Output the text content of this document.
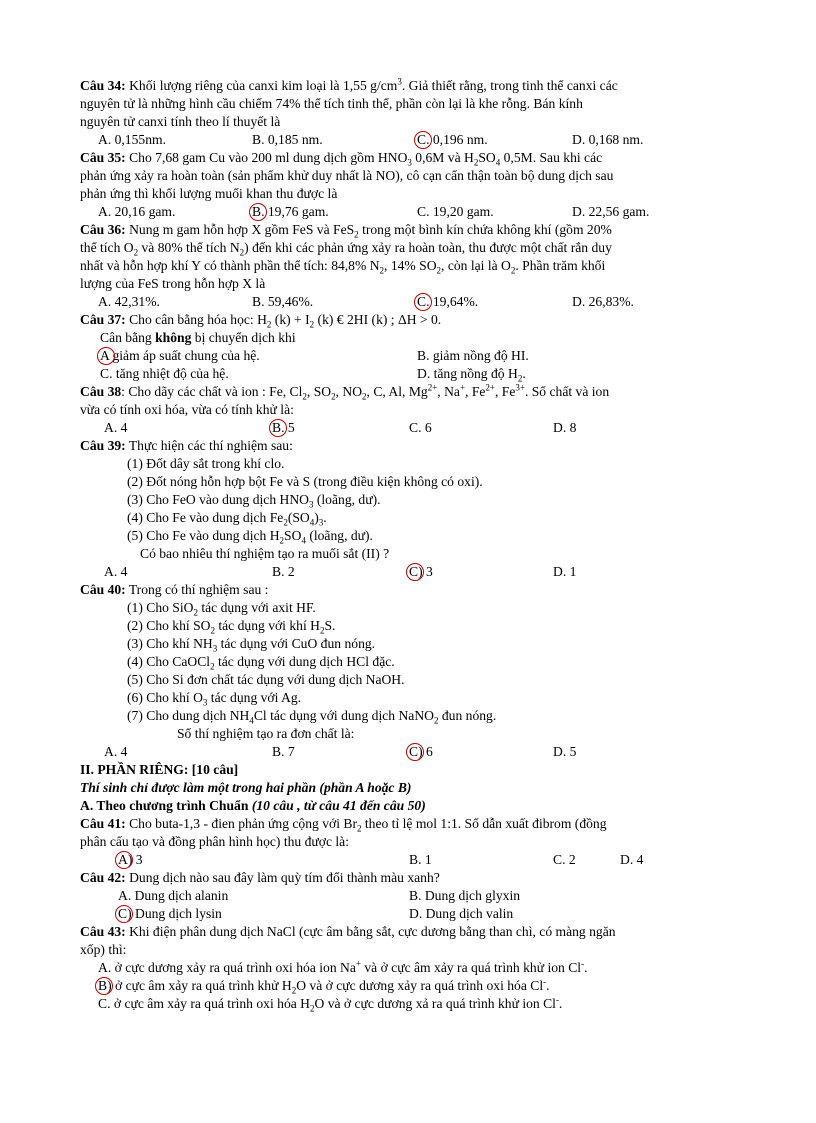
Câu 34: Khối lượng riêng của canxi kim loại là 1,55 $g/cm^3$. Giả thiết rằng, trong tinh thể canxi các
nguyên tử là những hình cầu chiếm 74% thể tích tinh thể, phần còn lại là khe rỗng. Bán kính
nguyên tử canxi tính theo lí thuyết là
A. 0,155nm.	B. 0,185 nm.	C. 0,196 nm.	D. 0,168 nm.
Câu 35: Cho 7,68 gam Cu vào 200 ml dung dịch gồm $HNO_3$ 0,6M và $H_2SO_4$ 0,5M. Sau khi các
phản ứng xảy ra hoàn toàn (sản phẩm khử duy nhất là NO), cô cạn cẩn thận toàn bộ dung dịch sau
phản ứng thì khối lượng muối khan thu được là
A. 20,16 gam.	B. 19,76 gam.	C. 19,20 gam.	D. 22,56 gam.
Câu 36: Nung m gam hỗn hợp X gồm FeS và FeS$_2$ trong một bình kín chứa không khí (gồm 20%
thể tích $O_2$ và 80% thể tích $N_2$) đến khi các phản ứng xảy ra hoàn toàn, thu được một chất rắn duy
nhất và hỗn hợp khí Y có thành phần thể tích: 84,8% $N_2$, 14% $SO_2$, còn lại là $O_2$. Phần trăm khối
lượng của FeS trong hỗn hợp X là
A. 42,31%.	B. 59,46%.	C. 19,64%.	D. 26,83%.
Câu 37: Cho cân bằng hóa học: $H_2$ $(k) + I_2$ (k) € 2HI (k) ; ΔH > 0.
Cân bằng không bị chuyển dịch khi
A giảm áp suất chung của hệ.	B. giảm nồng độ HI.
C. tăng nhiệt độ của hệ.	D. tăng nồng độ $H_2$.
Câu 38: Cho dãy các chất và ion : Fe, $Cl_2$, $SO_2$, $NO_2$, C, Al, $Mg^{2+}$, Na+, $Fe^{2+}$, $Fe^{3+}$. Số chất và ion
vừa có tính oxi hóa, vừa có tính khử là:
A. 4	B. 5	C. 6	D. 8
Câu 39: Thực hiện các thí nghiệm sau:
(1) Đốt dây sắt trong khí clo.
(2) Đốt nóng hỗn hợp bột Fe và S (trong điều kiện không có oxi).
(3) Cho FeO vào dung dịch $HNO_3$ (loãng, dư).
(4) Cho Fe vào dung dịch $Fe_2(SO_4)_3$.
(5) Cho Fe vào dung dịch $H_2SO_4$ (loãng, dư).
Có bao nhiêu thí nghiệm tạo ra muối sắt (II) ?
A. 4	B. 2	C) 3	D. 1
Câu 40: Trong có thí nghiệm sau :
(1) Cho SiO$_2$ tác dụng với axit HF.
(2) Cho khí $SO_2$ tác dụng với khí $H_2S$.
(3) Cho khí $NH_3$ tác dụng với CuO đun nóng.
(4) Cho CaOCl$_2$ tác dụng với dung dịch HCl đặc.
(5) Cho Si đơn chất tác dụng với dung dịch NaOH.
(6) Cho khí $O_3$ tác dụng với Ag.
(7) Cho dung dịch $NH_4Cl$ tác dụng với dung dịch NaNO$_2$ đun nóng.
Số thí nghiệm tạo ra đơn chất là:
A. 4	B. 7	C) 6	D. 5
II. PHẦN RIÊNG: [10 câu]
Thí sinh chỉ được làm một trong hai phần (phần A hoặc B)
A. Theo chương trình Chuẩn (10 câu , từ câu 41 đến câu 50)
Câu 41: Cho buta-1,3 - đien phản ứng cộng với $Br_2$ theo tỉ lệ mol 1:1. Số dẫn xuất đibrom (đồng
phân cấu tạo và đồng phân hình học) thu được là:
A) 3	B. 1	C. 2	D. 4
Câu 42: Dung dịch nào sau đây làm quỳ tím đổi thành màu xanh?
A. Dung dịch alanin	B. Dung dịch glyxin
C) Dung dịch lysin	D. Dung dịch valin
Câu 43: Khi điện phân dung dịch NaCl (cực âm bằng sắt, cực dương bằng than chì, có màng ngăn
xốp) thì:
A. ở cực dương xảy ra quá trình oxi hóa ion Na+ và ở cực âm xảy ra quá trình khử ion Cl-.
B) ở cực âm xảy ra quá trình khử $H_2O$ và ở cực dương xảy ra quá trình oxi hóa Cl-.
C. ở cực âm xảy ra quá trình oxi hóa $H_2O$ và ở cực dương xả ra quá trình khử ion Cl-.
